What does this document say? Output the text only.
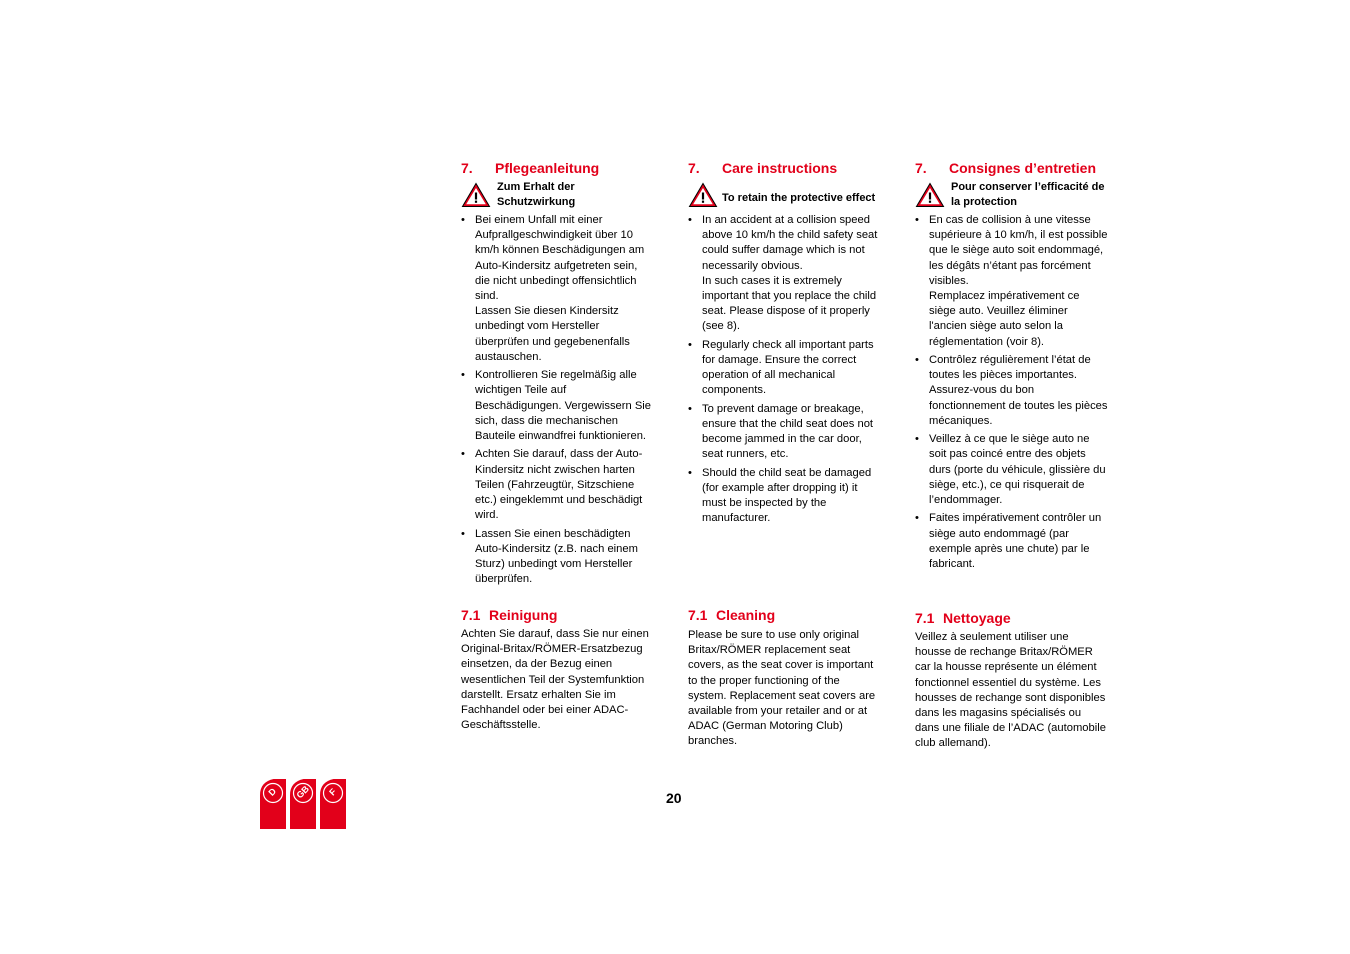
7. Pflegeanleitung
Zum Erhalt der
Schutzwirkung
• Bei einem Unfall mit einer
Aufprallgeschwindigkeit über 10
km/h können Beschädigungen am
Auto-Kindersitz aufgetreten sein,
die nicht unbedingt offensichtlich
sind.
Lassen Sie diesen Kindersitz
unbedingt vom Hersteller
überprüfen und gegebenenfalls
austauschen.
• Kontrollieren Sie regelmäßig alle
wichtigen Teile auf
Beschädigungen. Vergewissern Sie
sich, dass die mechanischen
Bauteile einwandfrei funktionieren.
• Achten Sie darauf, dass der Auto-
Kindersitz nicht zwischen harten
Teilen (Fahrzeugtür, Sitzschiene
etc.) eingeklemmt und beschädigt
wird.
• Lassen Sie einen beschädigten
Auto-Kindersitz (z.B. nach einem
Sturz) unbedingt vom Hersteller
überprüfen.
7.1 Reinigung
Achten Sie darauf, dass Sie nur einen
Original-Britax/RÖMER-Ersatzbezug
einsetzen, da der Bezug einen
wesentlichen Teil der Systemfunktion
darstellt. Ersatz erhalten Sie im
Fachhandel oder bei einer ADAC-
Geschäftsstelle.
7. Care instructions
To retain the protective effect
• In an accident at a collision speed
above 10 km/h the child safety seat
could suffer damage which is not
necessarily obvious.
In such cases it is extremely
important that you replace the child
seat. Please dispose of it properly
(see 8).
• Regularly check all important parts
for damage. Ensure the correct
operation of all mechanical
components.
• To prevent damage or breakage,
ensure that the child seat does not
become jammed in the car door,
seat runners, etc.
• Should the child seat be damaged
(for example after dropping it) it
must be inspected by the
manufacturer.
7.1 Cleaning
Please be sure to use only original
Britax/RÖMER replacement seat
covers, as the seat cover is important
to the proper functioning of the
system. Replacement seat covers are
available from your retailer and or at
ADAC (German Motoring Club)
branches.
7. Consignes d’entretien
Pour conserver l’efficacité de
la protection
• En cas de collision à une vitesse
supérieure à 10 km/h, il est possible
que le siège auto soit endommagé,
les dégâts n’étant pas forcément
visibles.
Remplacez impérativement ce
siège auto. Veuillez éliminer
l'ancien siège auto selon la
réglementation (voir 8).
• Contrôlez régulièrement l’état de
toutes les pièces importantes.
Assurez-vous du bon
fonctionnement de toutes les pièces
mécaniques.
• Veillez à ce que le siège auto ne
soit pas coincé entre des objets
durs (porte du véhicule, glissière du
siège, etc.), ce qui risquerait de
l’endommager.
• Faites impérativement contrôler un
siège auto endommagé (par
exemple après une chute) par le
fabricant.
7.1 Nettoyage
Veillez à seulement utiliser une
housse de rechange Britax/RÖMER
car la housse représente un élément
fonctionnel essentiel du système. Les
housses de rechange sont disponibles
dans les magasins spécialisés ou
dans une filiale de l’ADAC (automobile
club allemand).
20
D GB F
